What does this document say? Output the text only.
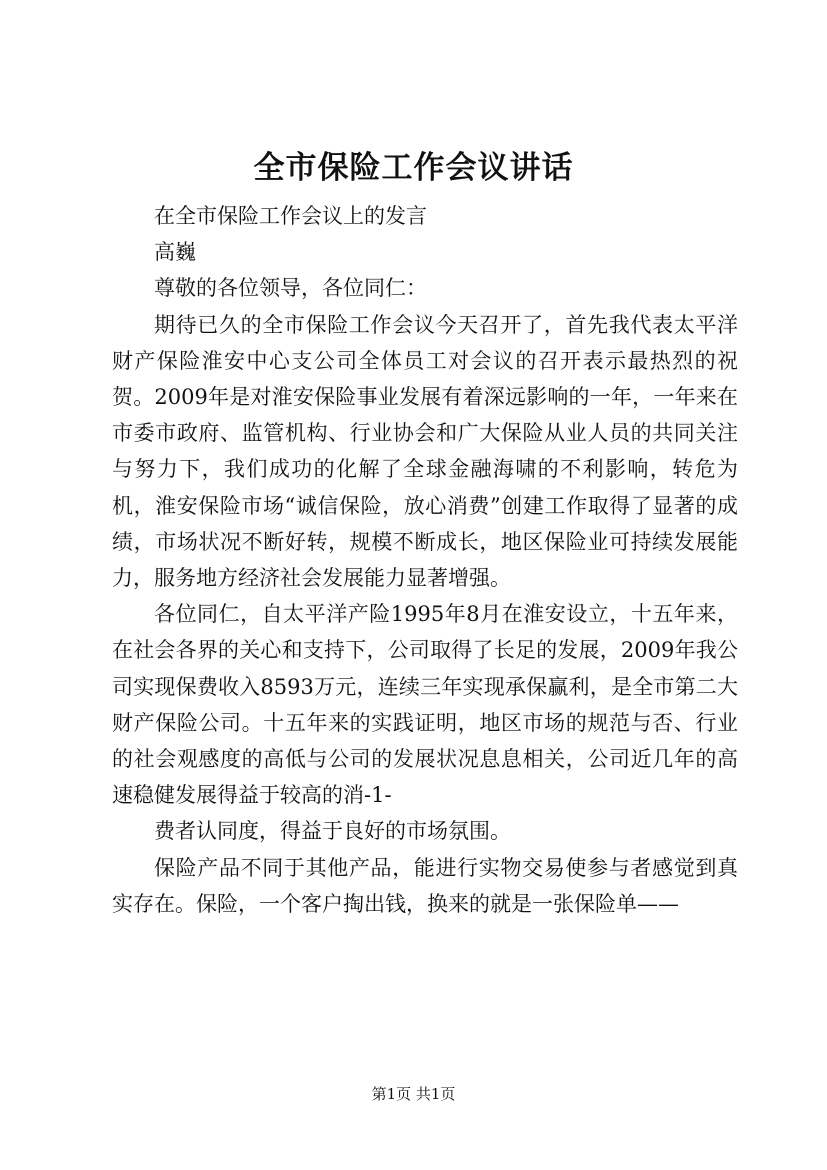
全市保险工作会议讲话

在全市保险工作会议上的发言

高巍

尊敬的各位领导，各位同仁：

期待已久的全市保险工作会议今天召开了，首先我代表太平洋财产保险淮安中心支公司全体员工对会议的召开表示最热烈的祝贺。2009年是对淮安保险事业发展有着深远影响的一年，一年来在市委市政府、监管机构、行业协会和广大保险从业人员的共同关注与努力下，我们成功的化解了全球金融海啸的不利影响，转危为机，淮安保险市场“诚信保险，放心消费”创建工作取得了显著的成绩，市场状况不断好转，规模不断成长，地区保险业可持续发展能力，服务地方经济社会发展能力显著增强。

各位同仁，自太平洋产险1995年8月在淮安设立，十五年来，在社会各界的关心和支持下，公司取得了长足的发展，2009年我公司实现保费收入8593万元，连续三年实现承保赢利，是全市第二大财产保险公司。十五年来的实践证明，地区市场的规范与否、行业的社会观感度的高低与公司的发展状况息息相关，公司近几年的高速稳健发展得益于较高的消-1-

费者认同度，得益于良好的市场氛围。

保险产品不同于其他产品，能进行实物交易使参与者感觉到真实存在。保险，一个客户掏出钱，换来的就是一张保险单——

第1页 共1页
